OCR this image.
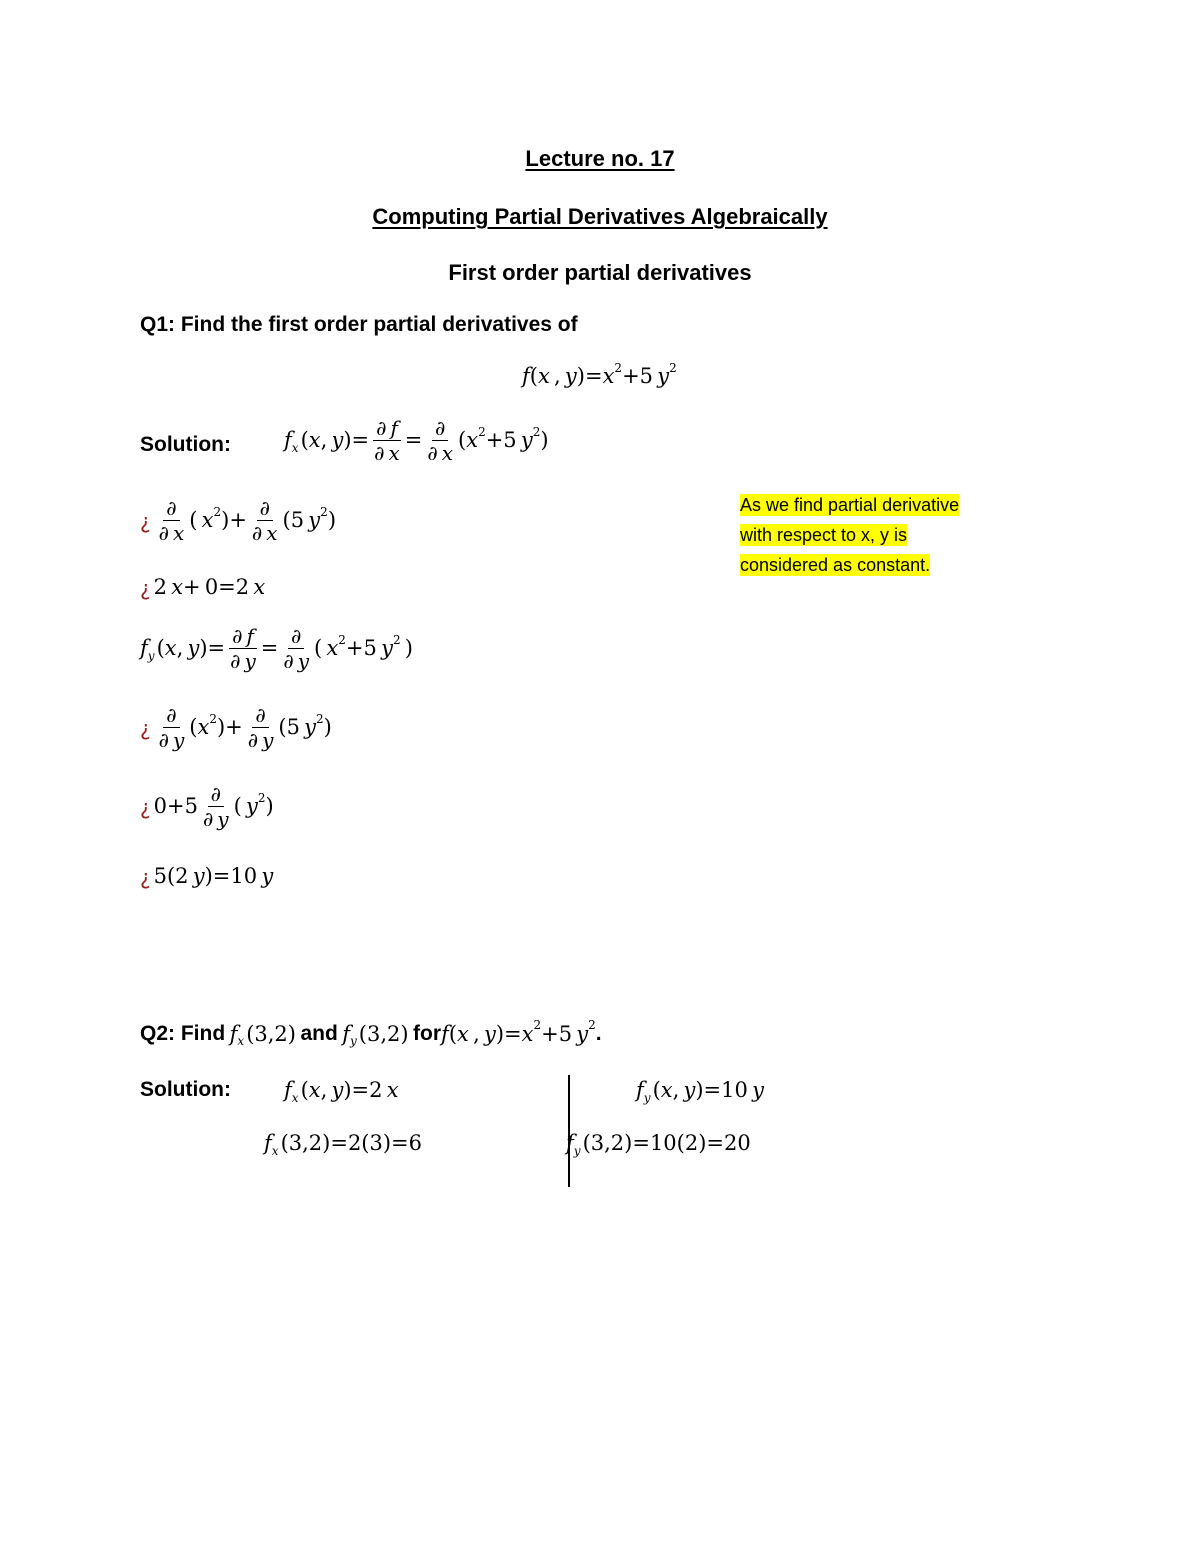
Lecture no. 17
Computing Partial Derivatives Algebraically
First order partial derivatives
Q1: Find the first order partial derivatives of
f ( x  ,  y )= x 2 +5  y 2
Solution:	f x ( x ,  y )= $\frac{\partial f}{\partial x} = \frac{\partial}{\partial x}$ ( x 2 +5  y 2 )
¿ $\frac{\partial}{\partial x}$ (  x 2 )+ $\frac{\partial}{\partial x} (5$  y 2 )
¿ 2  x + 0=2  x
f y ( x ,  y )= $\frac{\partial f}{\partial y} = \frac{\partial}{\partial y}$ (  x 2 +5  y 2  )
¿ $\frac{\partial}{\partial y}$ ( x 2 )+ $\frac{\partial}{\partial y} (5$  y 2 )
¿ $0+5 \frac{\partial}{\partial y}$ (  y 2 )
¿ 5(2  y )=10  y
As we find partial derivative
with respect to x, y is
considered as constant.
Q2: Find
f x (3,2)
and
f y (3,2)
for f ( x  ,  y )= x 2 +5  y 2 .
Solution:	f x ( x ,  y )=2  x
f x (3,2)=2(3)=6
f y ( x ,  y )=10  y
f y (3,2)=10(2)=20
